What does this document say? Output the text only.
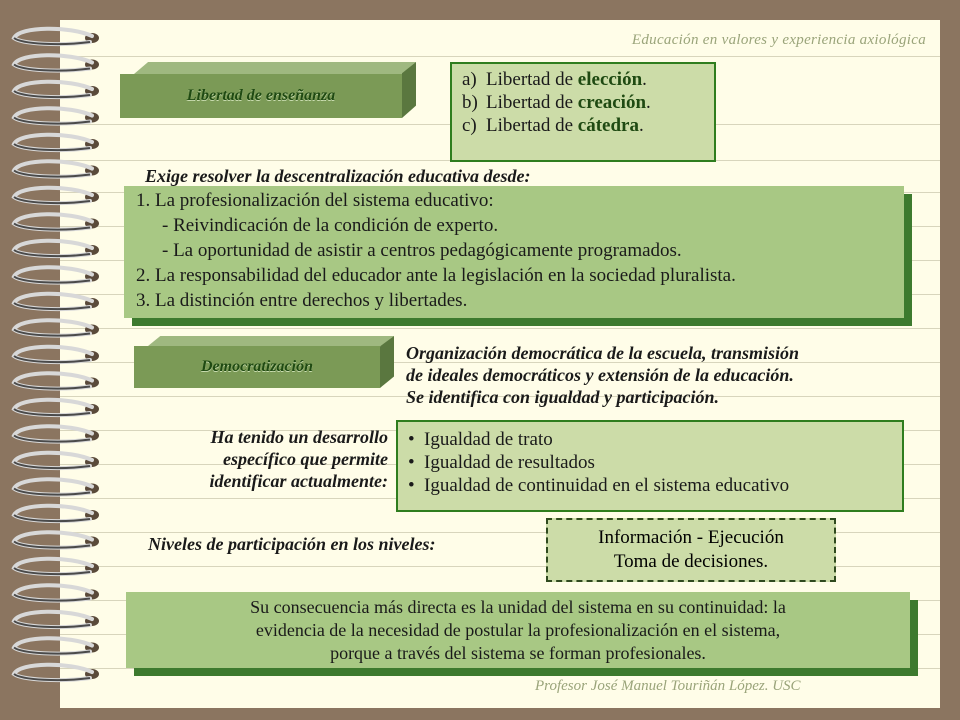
Educación en valores y experiencia axiológica
Libertad de enseñanza
a) Libertad de elección.
b) Libertad de creación.
c) Libertad de cátedra.
Exige resolver la descentralización educativa desde:
1. La profesionalización del sistema educativo:
- Reivindicación de la condición de experto.
- La oportunidad de asistir a centros pedagógicamente programados.
2. La responsabilidad del educador ante la legislación en la sociedad pluralista.
3. La distinción entre derechos y libertades.
Democratización
Organización democrática de la escuela, transmisión
de ideales democráticos y extensión de la educación.
Se identifica con igualdad y participación.
Ha tenido un desarrollo
específico que permite
identificar actualmente:
• Igualdad de trato
• Igualdad de resultados
• Igualdad de continuidad en el sistema educativo
Niveles de participación en los niveles:	Información - Ejecución
Toma de decisiones.
Su consecuencia más directa es la unidad del sistema en su continuidad: la
evidencia de la necesidad de postular la profesionalización en el sistema,
porque a través del sistema se forman profesionales.
Profesor José Manuel Touriñán López. USC
